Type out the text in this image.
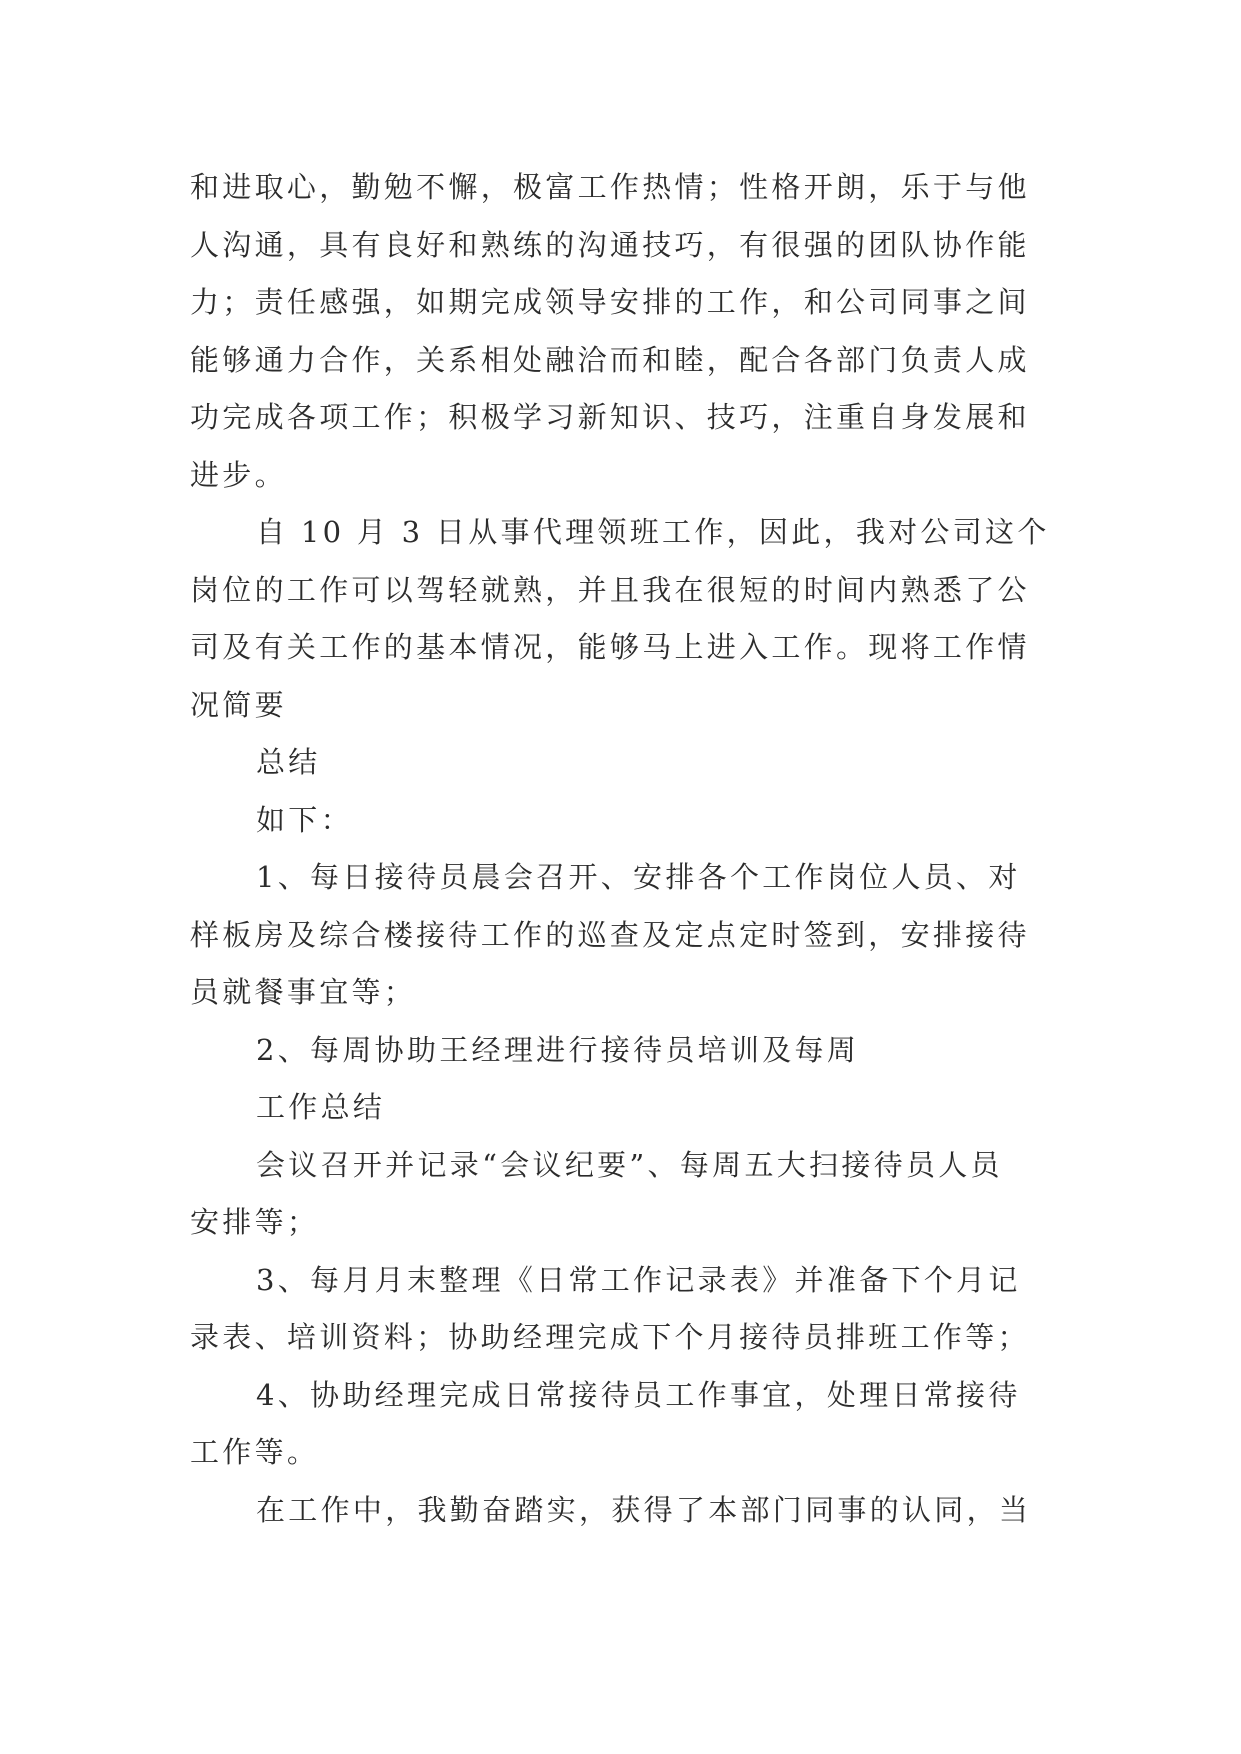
和进取心，勤勉不懈，极富工作热情；性格开朗，乐于与他
人沟通，具有良好和熟练的沟通技巧，有很强的团队协作能
力；责任感强，如期完成领导安排的工作，和公司同事之间
能够通力合作，关系相处融洽而和睦，配合各部门负责人成
功完成各项工作；积极学习新知识、技巧，注重自身发展和
进步。
自 10 月 3 日从事代理领班工作，因此，我对公司这个
岗位的工作可以驾轻就熟，并且我在很短的时间内熟悉了公
司及有关工作的基本情况，能够马上进入工作。现将工作情
况简要
总结
如下：
1、每日接待员晨会召开、安排各个工作岗位人员、对
样板房及综合楼接待工作的巡查及定点定时签到，安排接待
员就餐事宜等；
2、每周协助王经理进行接待员培训及每周
工作总结
会议召开并记录“会议纪要”、每周五大扫接待员人员
安排等；
3、每月月末整理《日常工作记录表》并准备下个月记
录表、培训资料；协助经理完成下个月接待员排班工作等；
4、协助经理完成日常接待员工作事宜，处理日常接待
工作等。
在工作中，我勤奋踏实，获得了本部门同事的认同，当
